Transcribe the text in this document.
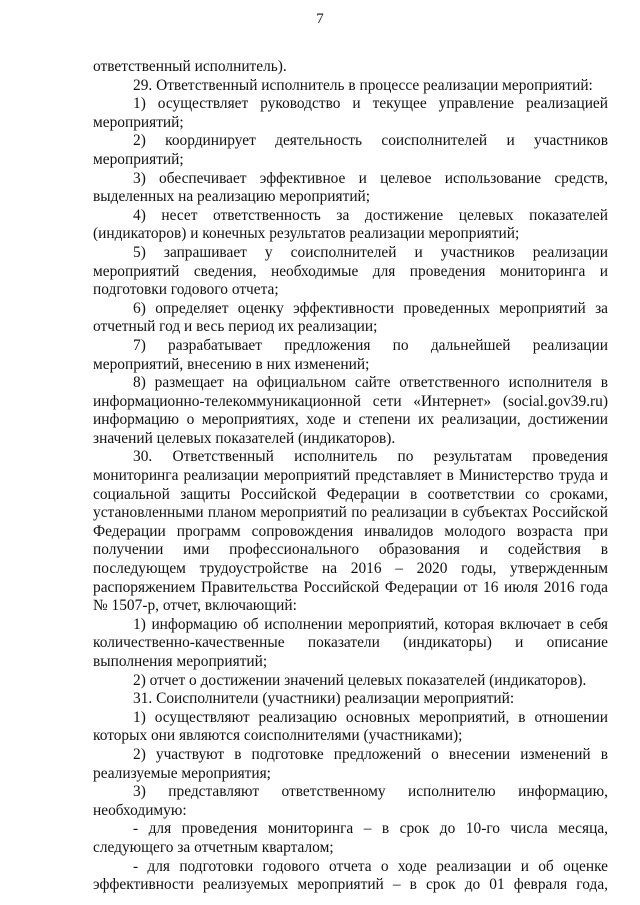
7

ответственный исполнитель).

29. Ответственный исполнитель в процессе реализации мероприятий:

1) осуществляет руководство и текущее управление реализацией мероприятий;

2) координирует деятельность соисполнителей и участников мероприятий;

3) обеспечивает эффективное и целевое использование средств, выделенных на реализацию мероприятий;

4) несет ответственность за достижение целевых показателей (индикаторов) и конечных результатов реализации мероприятий;

5) запрашивает у соисполнителей и участников реализации мероприятий сведения, необходимые для проведения мониторинга и подготовки годового отчета;

6) определяет оценку эффективности проведенных мероприятий за отчетный год и весь период их реализации;

7) разрабатывает предложения по дальнейшей реализации мероприятий, внесению в них изменений;

8) размещает на официальном сайте ответственного исполнителя в информационно-телекоммуникационной сети «Интернет» (social.gov39.ru) информацию о мероприятиях, ходе и степени их реализации, достижении значений целевых показателей (индикаторов).

30. Ответственный исполнитель по результатам проведения мониторинга реализации мероприятий представляет в Министерство труда и социальной защиты Российской Федерации в соответствии со сроками, установленными планом мероприятий по реализации в субъектах Российской Федерации программ сопровождения инвалидов молодого возраста при получении ими профессионального образования и содействия в последующем трудоустройстве на 2016 – 2020 годы, утвержденным распоряжением Правительства Российской Федерации от 16 июля 2016 года № 1507-р, отчет, включающий:

1) информацию об исполнении мероприятий, которая включает в себя количественно-качественные показатели (индикаторы) и описание выполнения мероприятий;

2) отчет о достижении значений целевых показателей (индикаторов).

31. Соисполнители (участники) реализации мероприятий:

1) осуществляют реализацию основных мероприятий, в отношении которых они являются соисполнителями (участниками);

2) участвуют в подготовке предложений о внесении изменений в реализуемые мероприятия;

3) представляют ответственному исполнителю информацию, необходимую:

- для проведения мониторинга – в срок до 10-го числа месяца, следующего за отчетным кварталом;

- для подготовки годового отчета о ходе реализации и об оценке эффективности реализуемых мероприятий – в срок до 01 февраля года,
